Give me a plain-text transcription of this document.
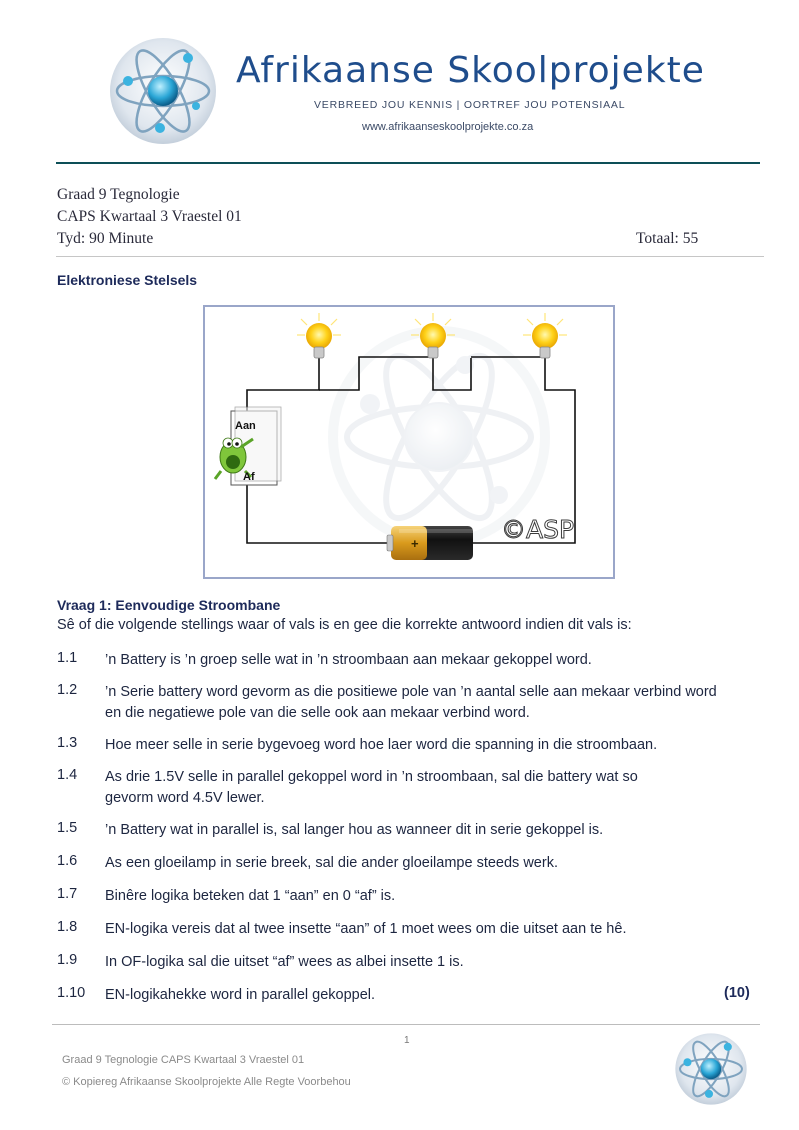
Afrikaanse Skoolprojekte
VERBREED JOU KENNIS | OORTREF JOU POTENSIAAL
www.afrikaanseskoolprojekte.co.za
Graad 9 Tegnologie
CAPS Kwartaal 3 Vraestel 01
Tyd: 90 Minute	Totaal: 55
Elektroniese Stelsels
Aan
Af
+	©ASP
Vraag 1: Eenvoudige Stroombane
Sê of die volgende stellings waar of vals is en gee die korrekte antwoord indien dit vals is:
1.1 ’n Battery is ’n groep selle wat in ’n stroombaan aan mekaar gekoppel word.
1.2 ’n Serie battery word gevorm as die positiewe pole van ’n aantal selle aan mekaar verbind word en die negatiewe pole van die selle ook aan mekaar verbind word.
1.3 Hoe meer selle in serie bygevoeg word hoe laer word die spanning in die stroombaan.
1.4 As drie 1.5V selle in parallel gekoppel word in ’n stroombaan, sal die battery wat so gevorm word 4.5V lewer.
1.5 ’n Battery wat in parallel is, sal langer hou as wanneer dit in serie gekoppel is.
1.6 As een gloeilamp in serie breek, sal die ander gloeilampe steeds werk.
1.7 Binêre logika beteken dat 1 “aan” en 0 “af” is.
1.8 EN-logika vereis dat al twee insette “aan” of 1 moet wees om die uitset aan te hê.
1.9 In OF-logika sal die uitset “af” wees as albei insette 1 is.
1.10 EN-logikahekke word in parallel gekoppel.	(10)
1
Graad 9 Tegnologie CAPS Kwartaal 3 Vraestel 01
© Kopiereg Afrikaanse Skoolprojekte Alle Regte Voorbehou
